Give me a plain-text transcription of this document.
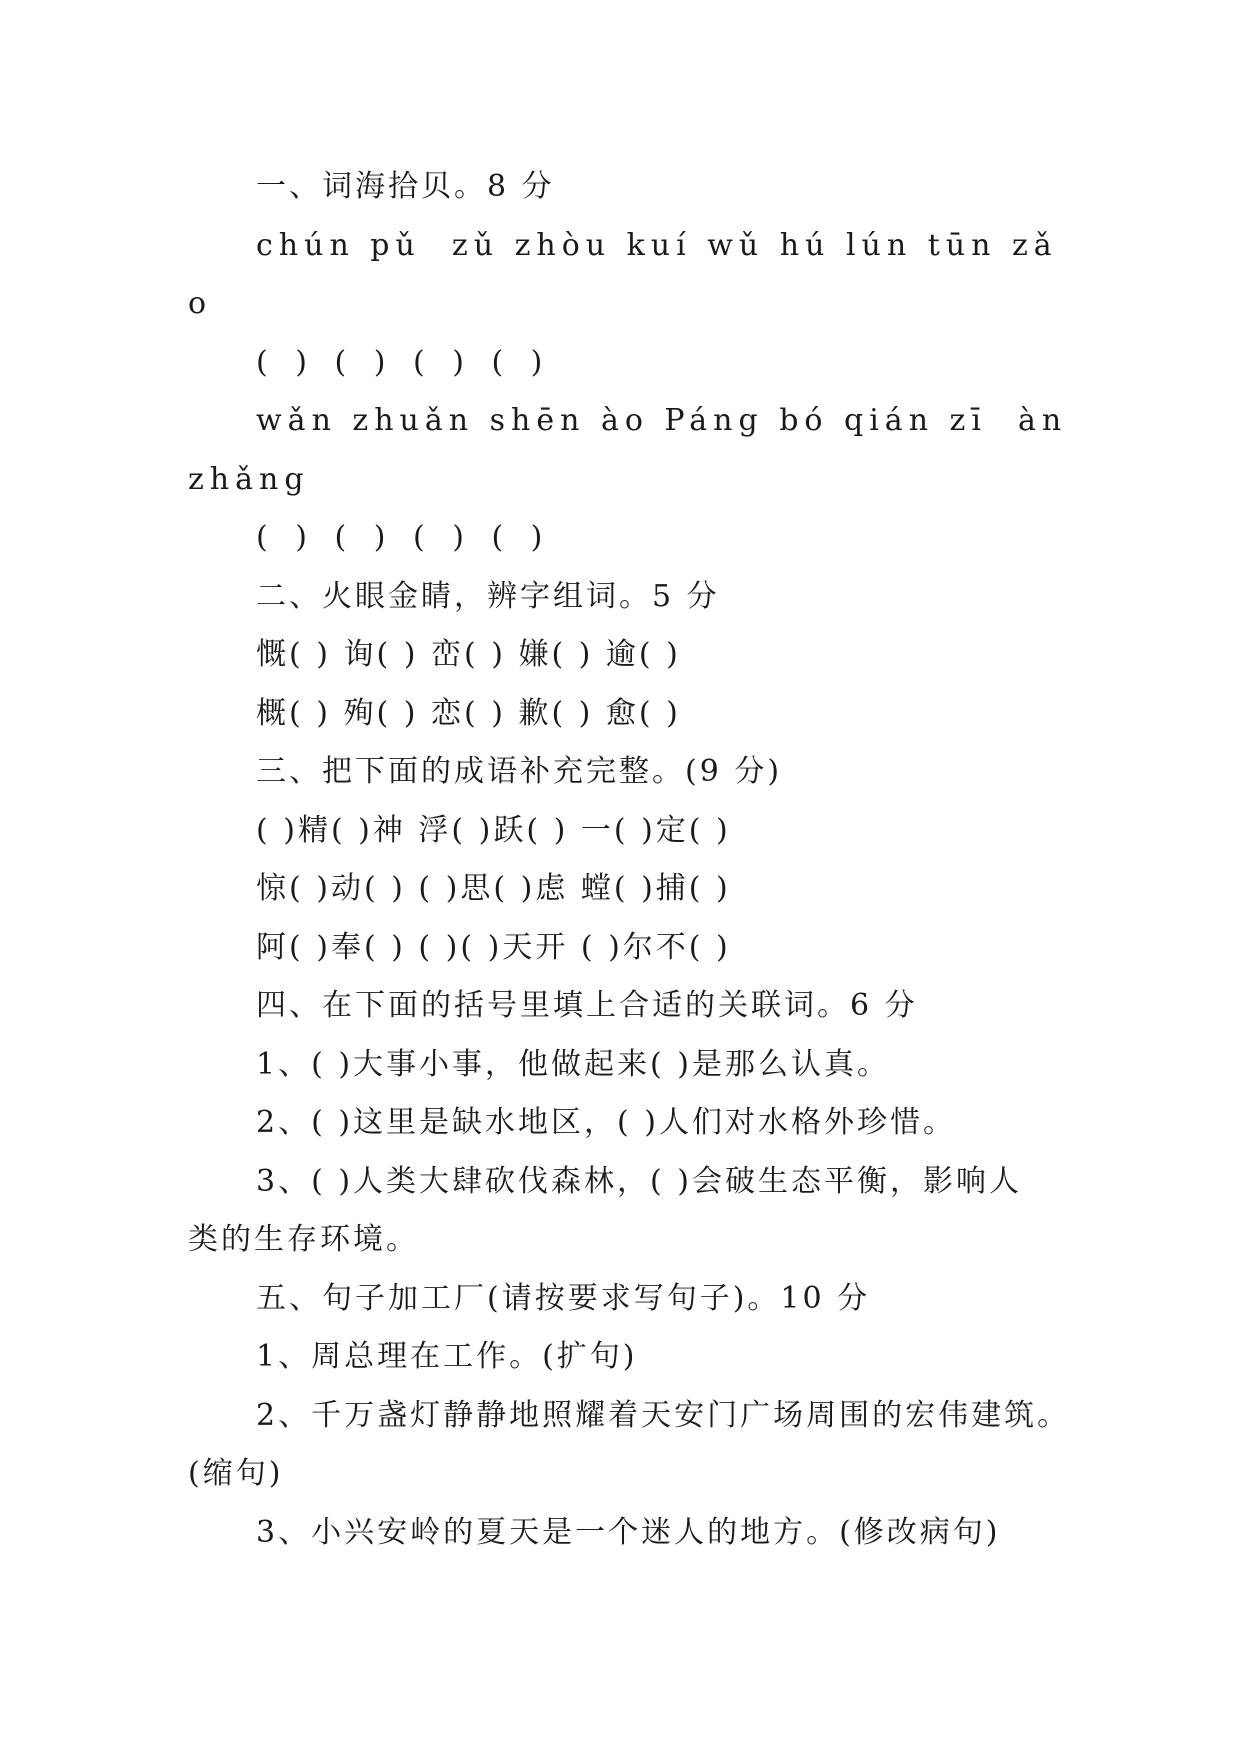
一、词海拾贝。8 分
chún pǔ  zǔ zhòu kuí wǔ hú lún tūn zǎ
o
( ) ( ) ( ) ( )
wǎn zhuǎn shēn ào Páng bó qián zī  àn
zhǎng
( ) ( ) ( ) ( )
二、火眼金睛，辨字组词。5 分
慨( ) 询( ) 峦( ) 嫌( ) 逾( )
概( ) 殉( ) 恋( ) 歉( ) 愈( )
三、把下面的成语补充完整。(9 分)
( )精( )神 浮( )跃( ) 一( )定( )
惊( )动( ) ( )思( )虑 螳( )捕( )
阿( )奉( ) ( )( )天开 ( )尔不( )
四、在下面的括号里填上合适的关联词。6 分
1、( )大事小事，他做起来( )是那么认真。
2、( )这里是缺水地区，( )人们对水格外珍惜。
3、( )人类大肆砍伐森林，( )会破生态平衡，影响人
类的生存环境。
五、句子加工厂(请按要求写句子)。10 分
1、周总理在工作。(扩句)
2、千万盏灯静静地照耀着天安门广场周围的宏伟建筑。
(缩句)
3、小兴安岭的夏天是一个迷人的地方。(修改病句)
